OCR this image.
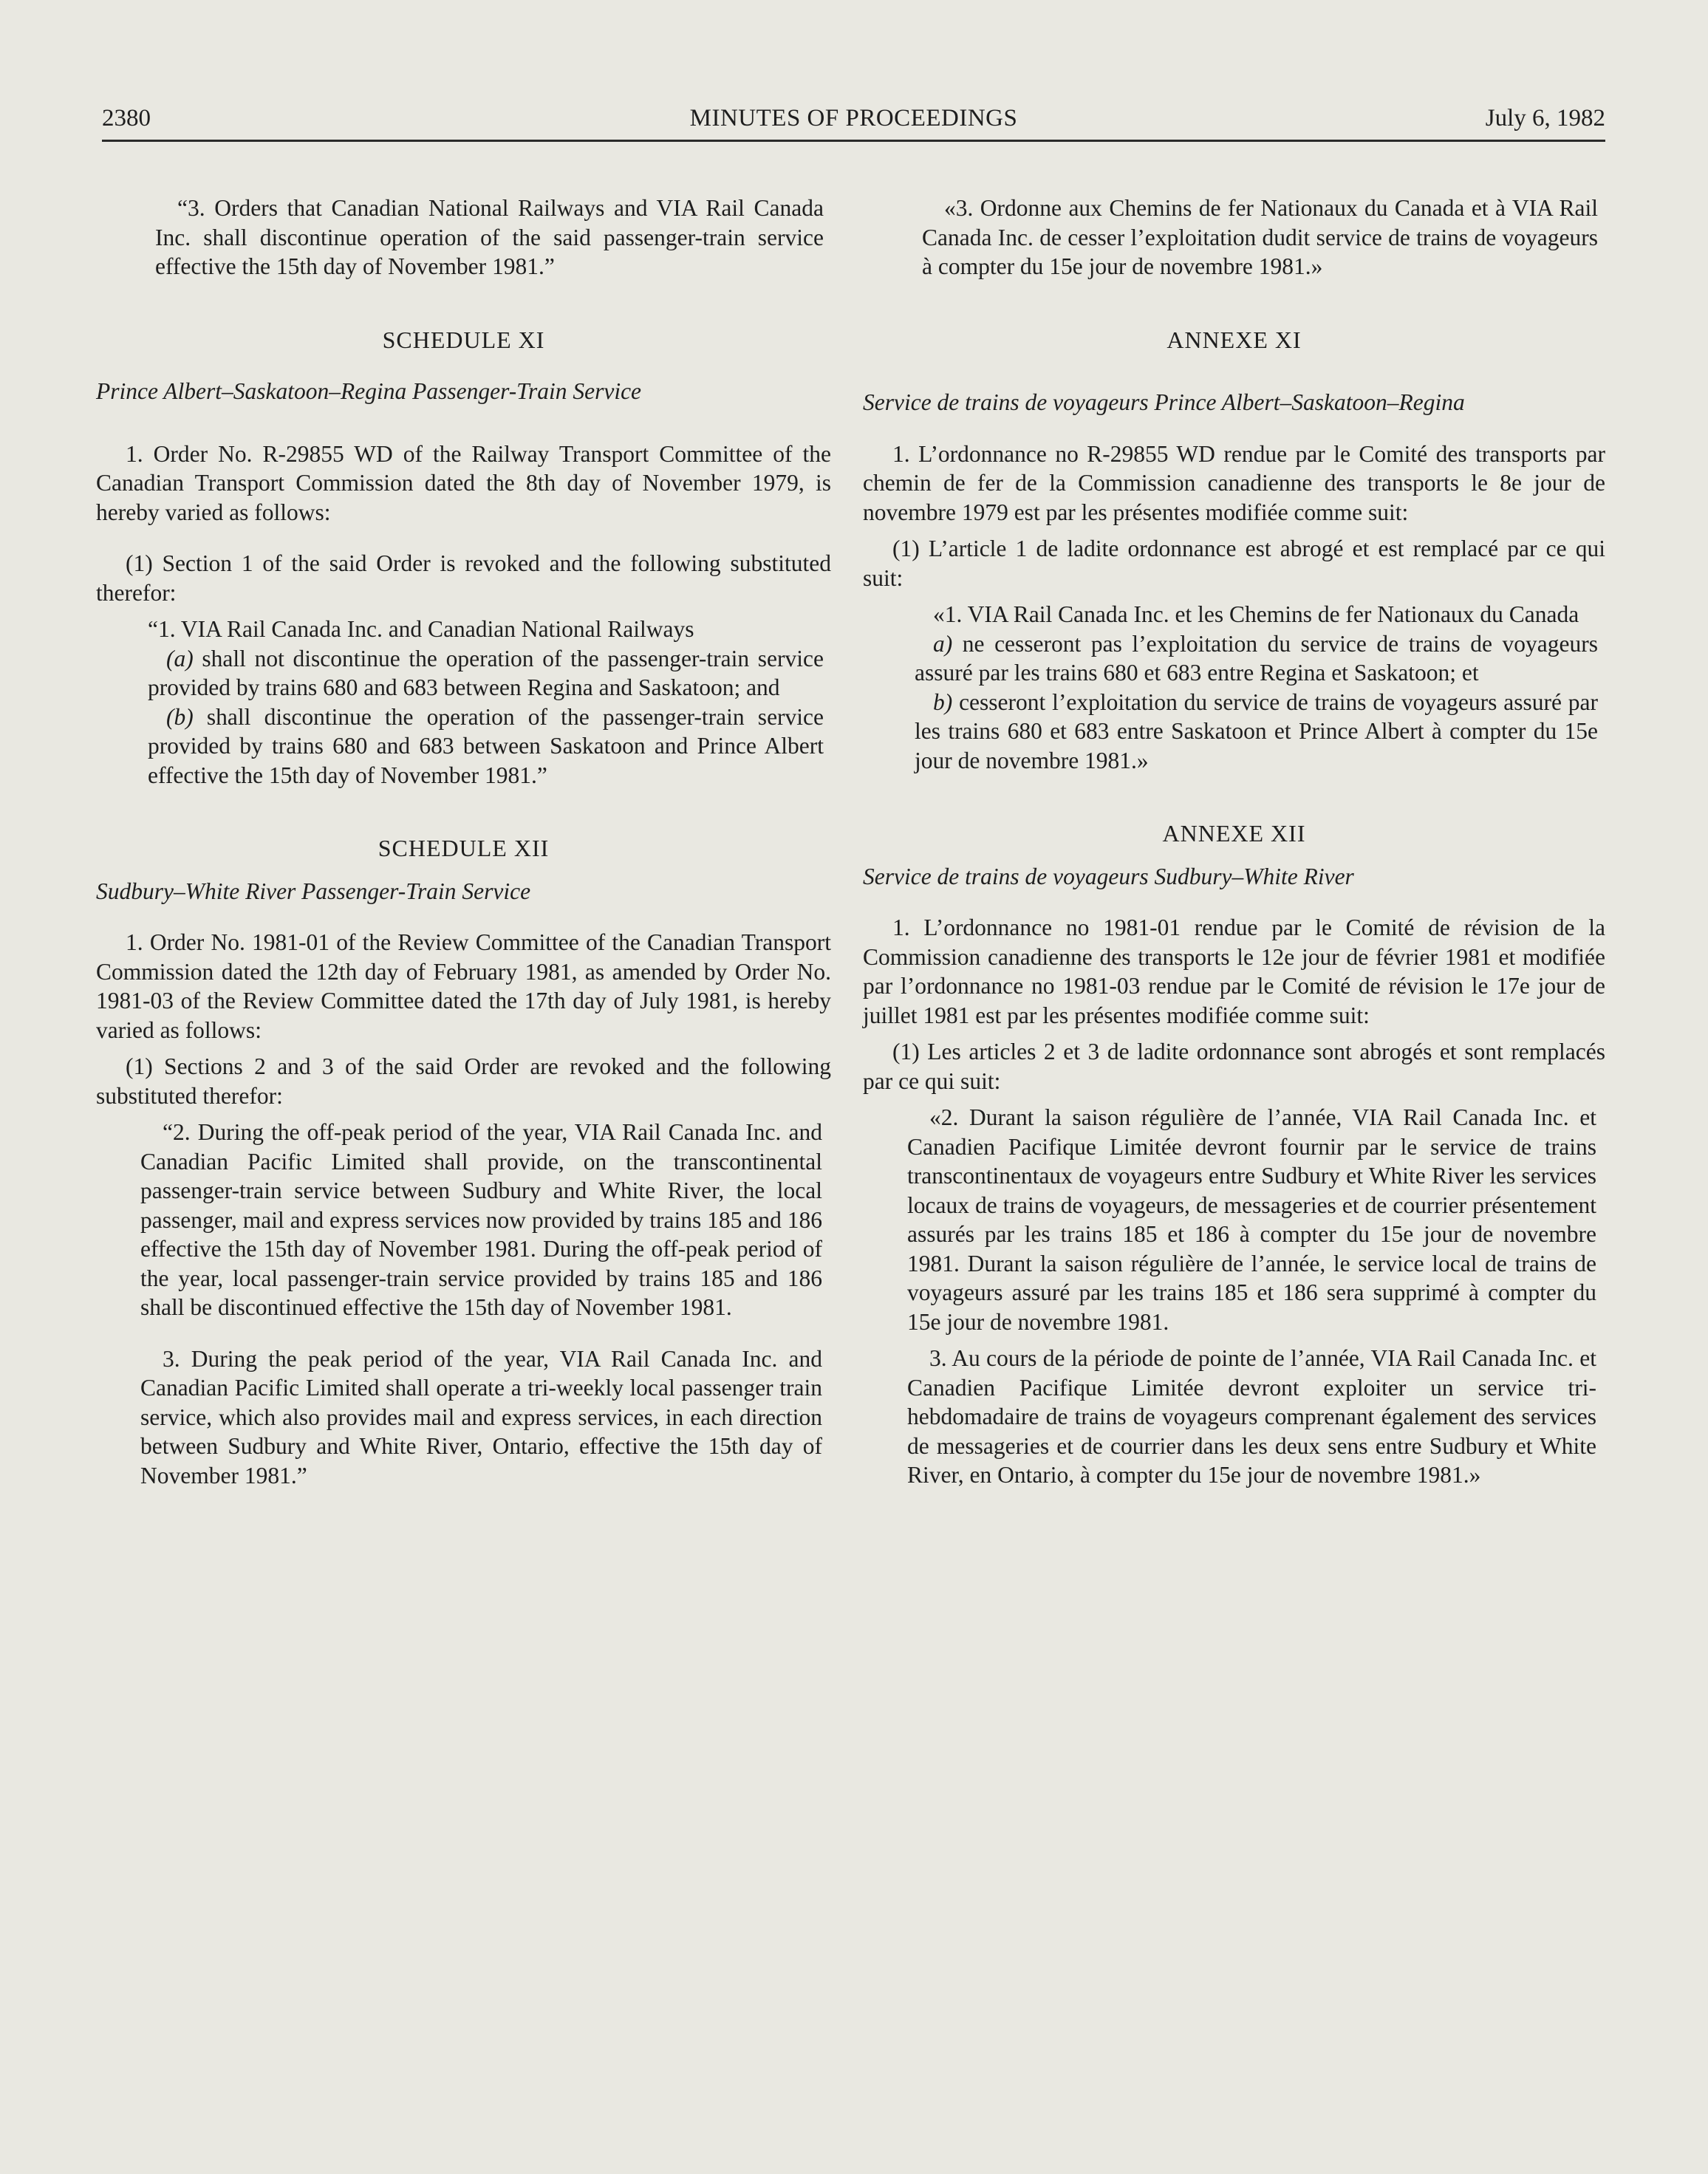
2380	MINUTES OF PROCEEDINGS	July 6, 1982

“3. Orders that Canadian National Railways and VIA Rail Canada Inc. shall discontinue operation of the said passenger-train service effective the 15th day of November 1981.”

SCHEDULE XI

Prince Albert–Saskatoon–Regina Passenger-Train Service

1. Order No. R-29855 WD of the Railway Transport Committee of the Canadian Transport Commission dated the 8th day of November 1979, is hereby varied as follows:

(1) Section 1 of the said Order is revoked and the following substituted therefor:

“1. VIA Rail Canada Inc. and Canadian National Railways

(a) shall not discontinue the operation of the passenger-train service provided by trains 680 and 683 between Regina and Saskatoon; and

(b) shall discontinue the operation of the passenger-train service provided by trains 680 and 683 between Saskatoon and Prince Albert effective the 15th day of November 1981.”

SCHEDULE XII

Sudbury–White River Passenger-Train Service

1. Order No. 1981-01 of the Review Committee of the Canadian Transport Commission dated the 12th day of February 1981, as amended by Order No. 1981-03 of the Review Committee dated the 17th day of July 1981, is hereby varied as follows:

(1) Sections 2 and 3 of the said Order are revoked and the following substituted therefor:

“2. During the off-peak period of the year, VIA Rail Canada Inc. and Canadian Pacific Limited shall provide, on the transcontinental passenger-train service between Sudbury and White River, the local passenger, mail and express services now provided by trains 185 and 186 effective the 15th day of November 1981. During the off-peak period of the year, local passenger-train service provided by trains 185 and 186 shall be discontinued effective the 15th day of November 1981.

3. During the peak period of the year, VIA Rail Canada Inc. and Canadian Pacific Limited shall operate a tri-weekly local passenger train service, which also provides mail and express services, in each direction between Sudbury and White River, Ontario, effective the 15th day of November 1981.”

«3. Ordonne aux Chemins de fer Nationaux du Canada et à VIA Rail Canada Inc. de cesser l’exploitation dudit service de trains de voyageurs à compter du 15e jour de novembre 1981.»

ANNEXE XI

Service de trains de voyageurs Prince Albert–Saskatoon–Regina

1. L’ordonnance no R-29855 WD rendue par le Comité des transports par chemin de fer de la Commission canadienne des transports le 8e jour de novembre 1979 est par les présentes modifiée comme suit:

(1) L’article 1 de ladite ordonnance est abrogé et est remplacé par ce qui suit:

«1. VIA Rail Canada Inc. et les Chemins de fer Nationaux du Canada

a) ne cesseront pas l’exploitation du service de trains de voyageurs assuré par les trains 680 et 683 entre Regina et Saskatoon; et

b) cesseront l’exploitation du service de trains de voyageurs assuré par les trains 680 et 683 entre Saskatoon et Prince Albert à compter du 15e jour de novembre 1981.»

ANNEXE XII

Service de trains de voyageurs Sudbury–White River

1. L’ordonnance no 1981-01 rendue par le Comité de révision de la Commission canadienne des transports le 12e jour de février 1981 et modifiée par l’ordonnance no 1981-03 rendue par le Comité de révision le 17e jour de juillet 1981 est par les présentes modifiée comme suit:

(1) Les articles 2 et 3 de ladite ordonnance sont abrogés et sont remplacés par ce qui suit:

«2. Durant la saison régulière de l’année, VIA Rail Canada Inc. et Canadien Pacifique Limitée devront fournir par le service de trains transcontinentaux de voyageurs entre Sudbury et White River les services locaux de trains de voyageurs, de messageries et de courrier présentement assurés par les trains 185 et 186 à compter du 15e jour de novembre 1981. Durant la saison régulière de l’année, le service local de trains de voyageurs assuré par les trains 185 et 186 sera supprimé à compter du 15e jour de novembre 1981.

3. Au cours de la période de pointe de l’année, VIA Rail Canada Inc. et Canadien Pacifique Limitée devront exploiter un service tri-hebdomadaire de trains de voyageurs comprenant également des services de messageries et de courrier dans les deux sens entre Sudbury et White River, en Ontario, à compter du 15e jour de novembre 1981.»
